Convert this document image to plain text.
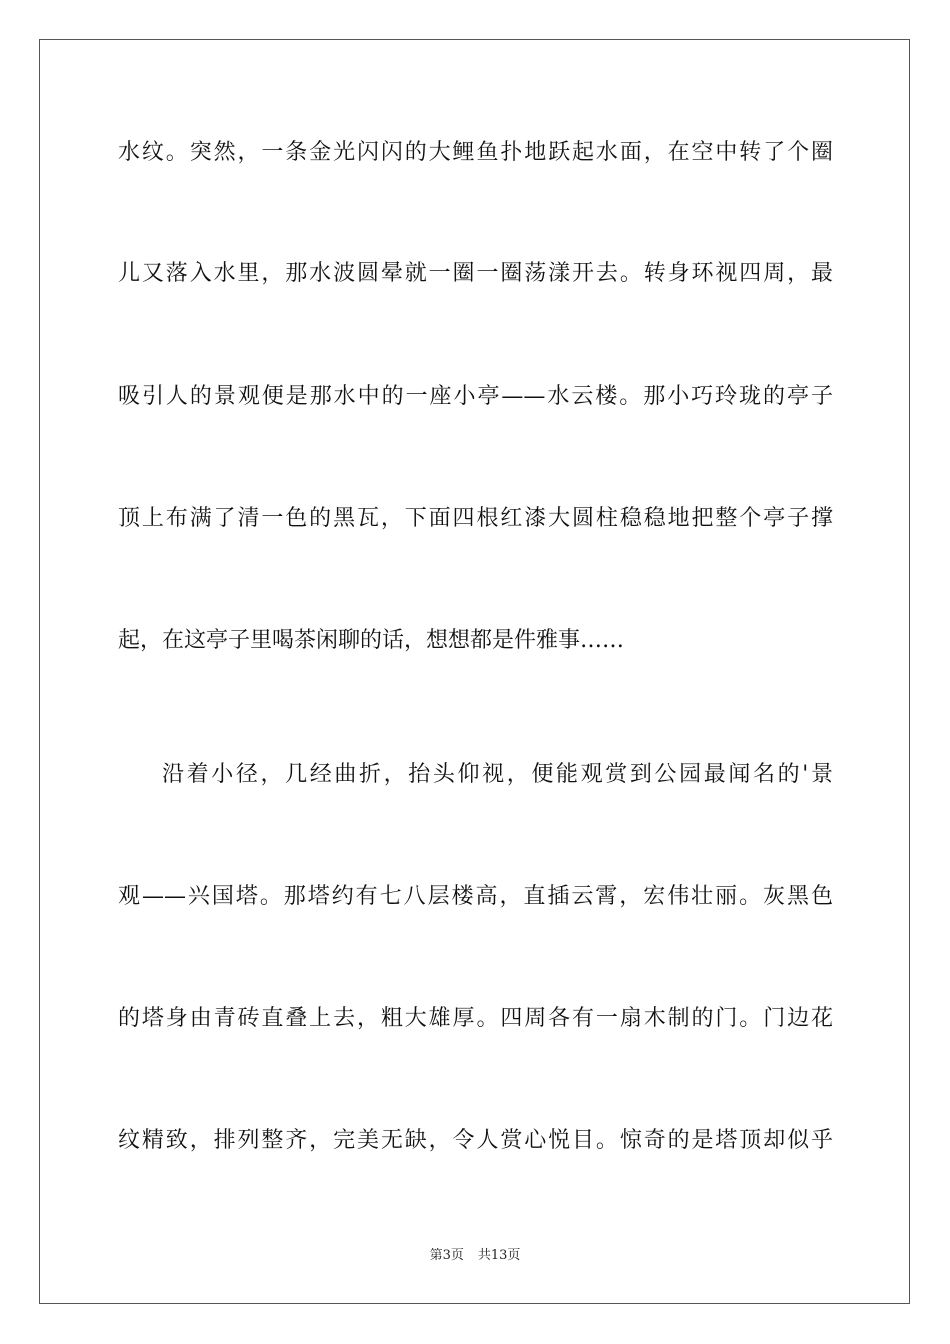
水纹。突然，一条金光闪闪的大鲤鱼扑地跃起水面，在空中转了个圈
儿又落入水里，那水波圆晕就一圈一圈荡漾开去。转身环视四周，最
吸引人的景观便是那水中的一座小亭——水云楼。那小巧玲珑的亭子
顶上布满了清一色的黑瓦，下面四根红漆大圆柱稳稳地把整个亭子撑
起，在这亭子里喝茶闲聊的话，想想都是件雅事……
沿着小径，几经曲折，抬头仰视，便能观赏到公园最闻名的'景
观——兴国塔。那塔约有七八层楼高，直插云霄，宏伟壮丽。灰黑色
的塔身由青砖直叠上去，粗大雄厚。四周各有一扇木制的门。门边花
纹精致，排列整齐，完美无缺，令人赏心悦目。惊奇的是塔顶却似乎
第3页 共13页
